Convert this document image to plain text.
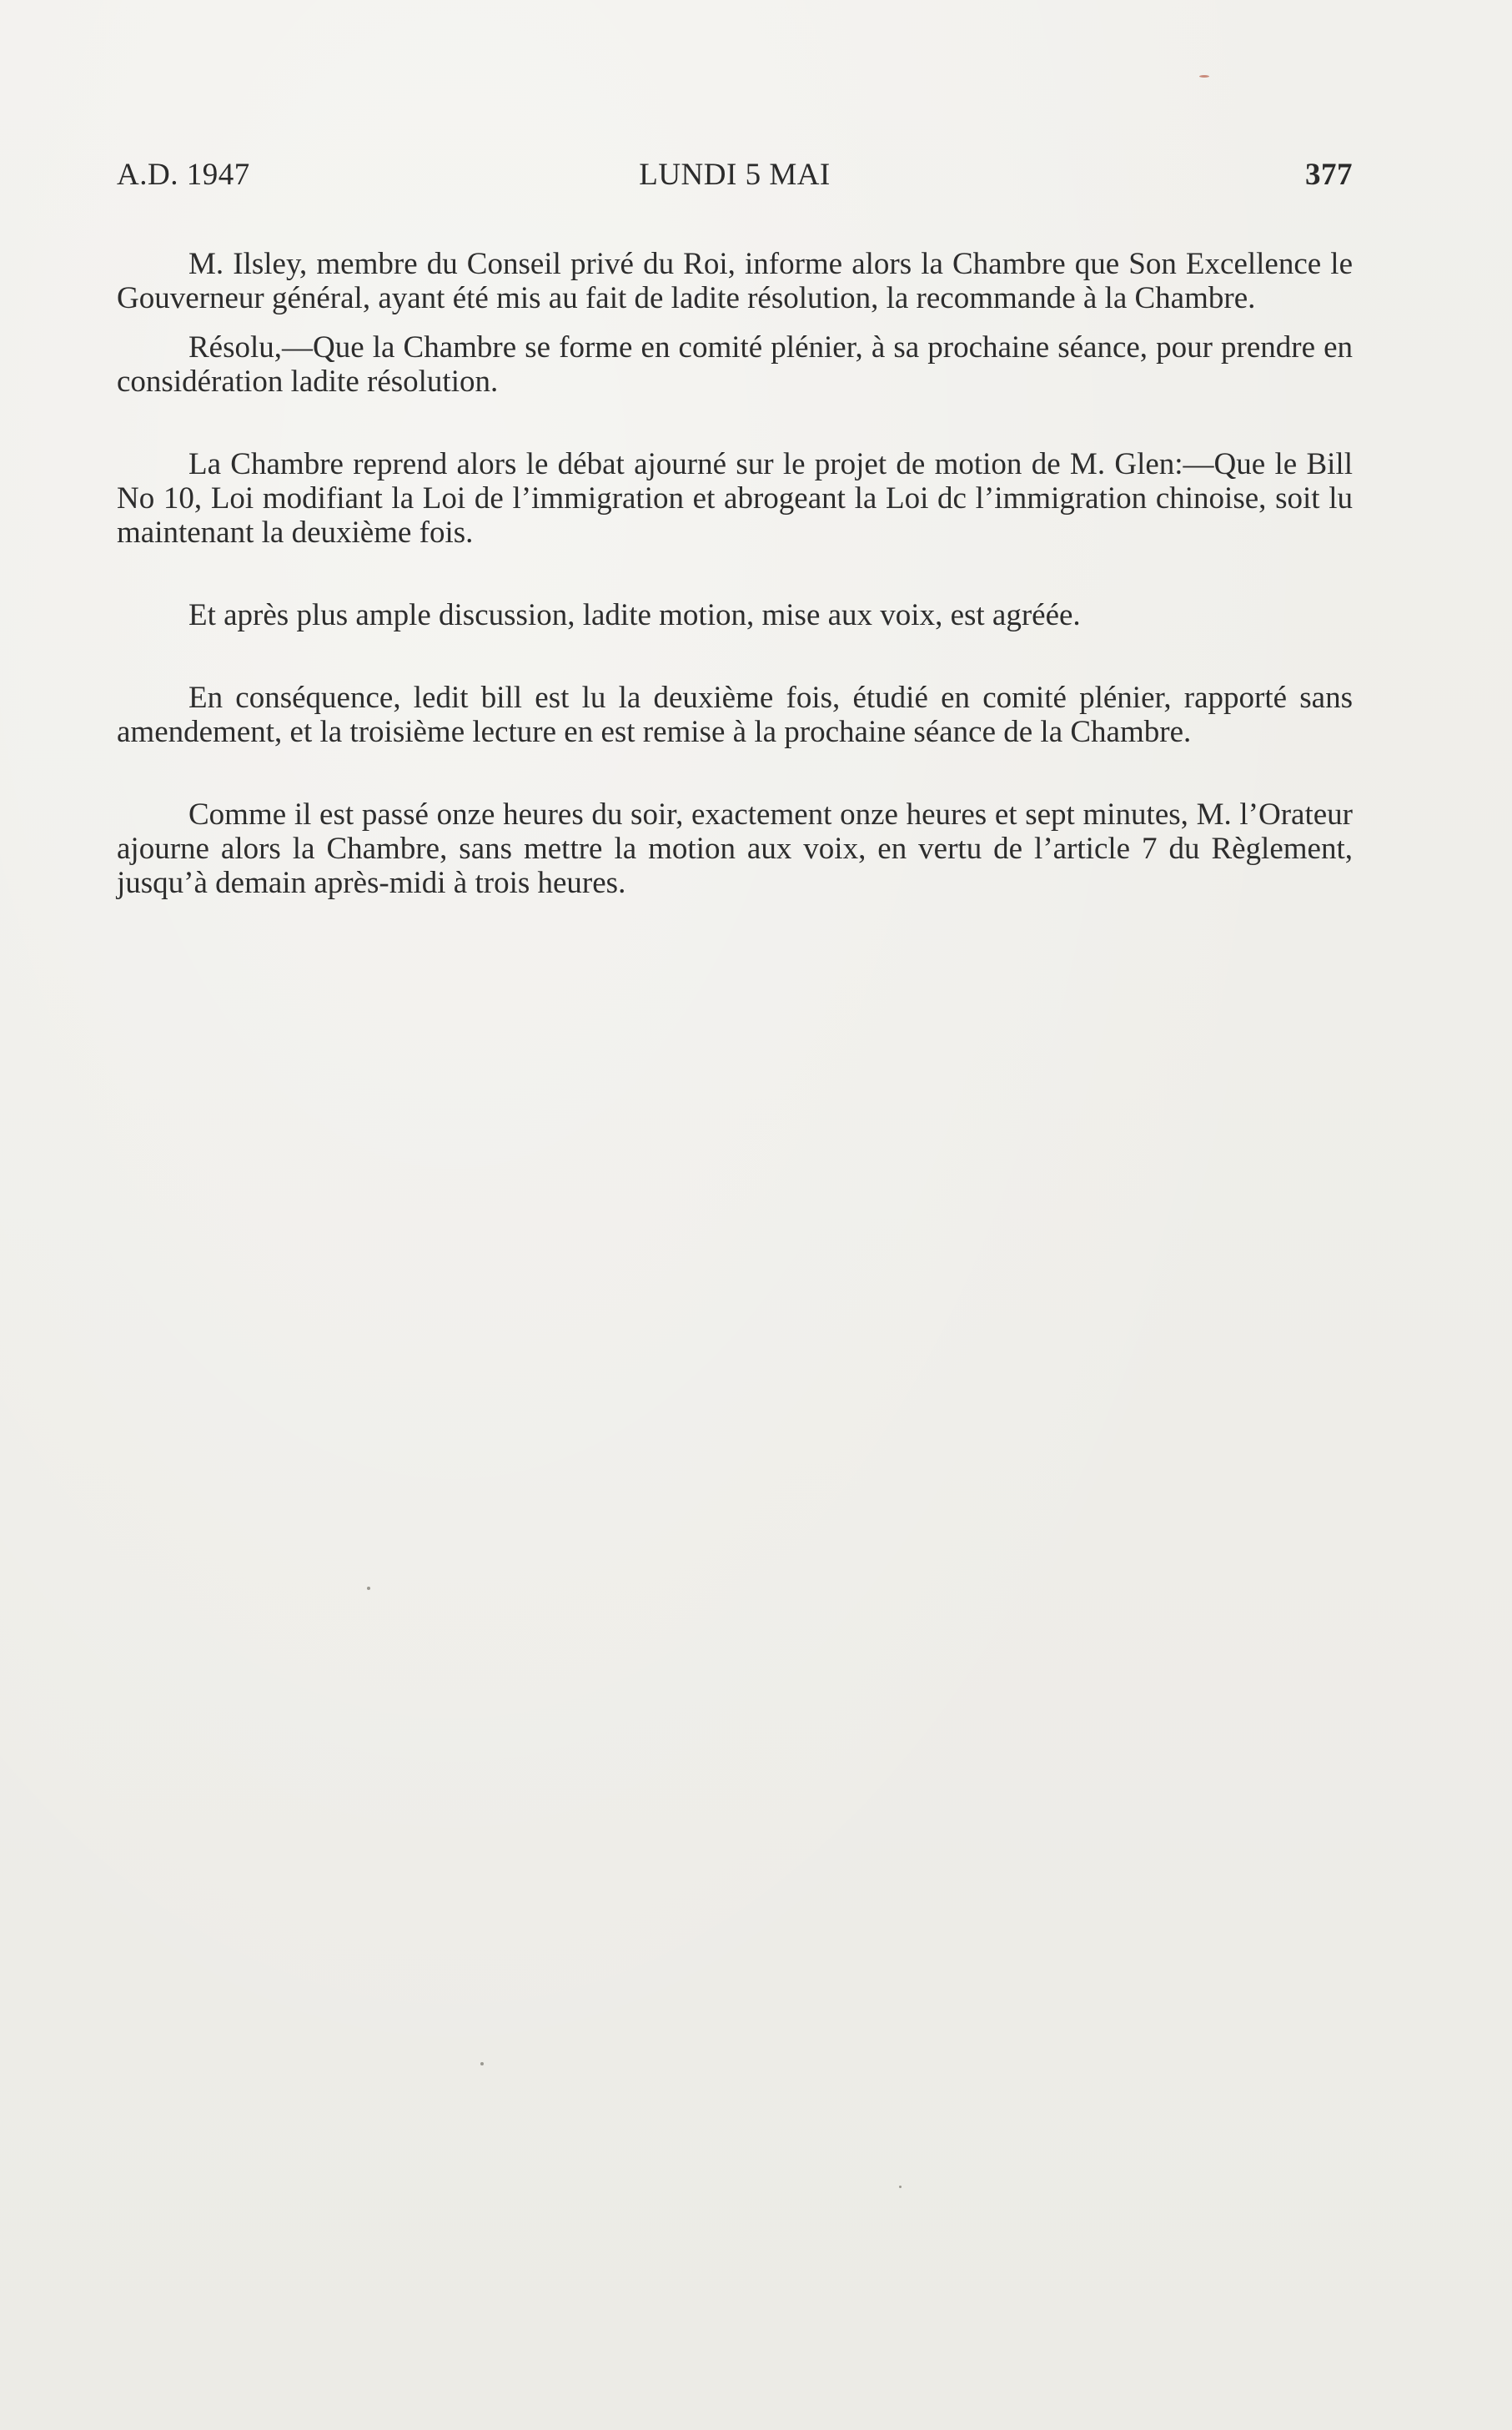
A.D. 1947	LUNDI 5 MAI	377

M. Ilsley, membre du Conseil privé du Roi, informe alors la Chambre que Son Excellence le Gouverneur général, ayant été mis au fait de ladite résolution, la recommande à la Chambre.

Résolu,—Que la Chambre se forme en comité plénier, à sa prochaine séance, pour prendre en considération ladite résolution.

La Chambre reprend alors le débat ajourné sur le projet de motion de M. Glen:—Que le Bill No 10, Loi modifiant la Loi de l’immigration et abrogeant la Loi dc l’immigration chinoise, soit lu maintenant la deuxième fois.

Et après plus ample discussion, ladite motion, mise aux voix, est agréée.

En conséquence, ledit bill est lu la deuxième fois, étudié en comité plénier, rapporté sans amendement, et la troisième lecture en est remise à la prochaine séance de la Chambre.

Comme il est passé onze heures du soir, exactement onze heures et sept minutes, M. l’Orateur ajourne alors la Chambre, sans mettre la motion aux voix, en vertu de l’article 7 du Règlement, jusqu’à demain après-midi à trois heures.
